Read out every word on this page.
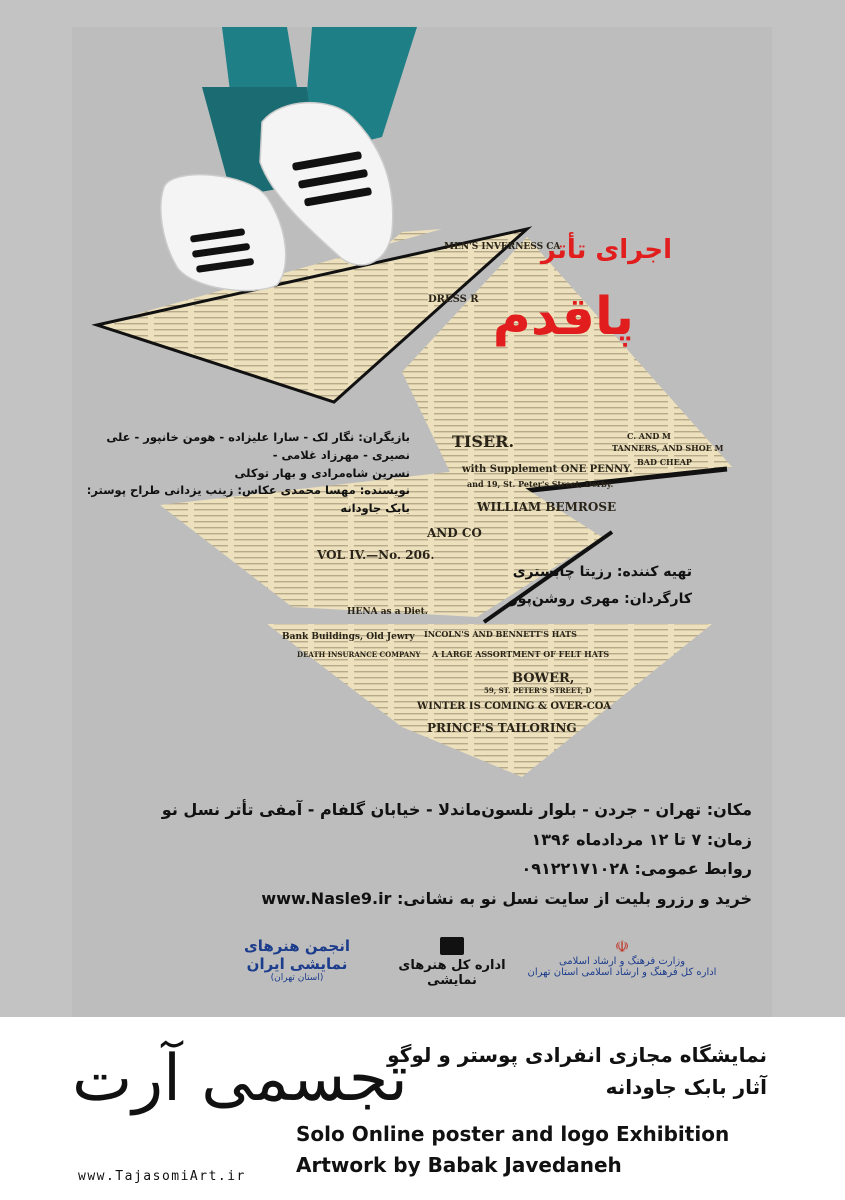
MEN'S INVERNESS CA
DRESS R
TISER.
with Supplement ONE PENNY.
and 19, St. Peter's Street, Derby.
C. AND M
TANNERS, AND SHOE M
BAD CHEAP
WILLIAM BEMROSE
AND CO
VOL IV.—No. 206.
HENA as a Diet.
Bank Buildings, Old Jewry
DEATH INSURANCE COMPANY
INCOLN'S AND BENNETT'S HATS
A LARGE ASSORTMENT OF FELT HATS
BOWER,
59, ST. PETER'S STREET, D
WINTER IS COMING & OVER-COA
PRINCE'S TAILORING
اجرای تأتر
پاقدم
بازیگران: نگار لک - سارا علیزاده - هومن خانپور - علی نصیری - مهرزاد غلامی -
نسرین شاه‌مرادی و بهار توکلی
نویسنده: مهسا محمدی عکاس: زینب یزدانی طراح پوستر: بابک جاودانه
تهیه کننده: رزیتا چابستری
کارگردان: مهری روشن‌پور
مکان: تهران - جردن - بلوار نلسون‌ماندلا - خیابان گلفام - آمفی تأتر نسل نو
زمان: ۷ تا ۱۲ مردادماه ۱۳۹۶
روابط عمومی: ۰۹۱۲۲۱۷۱۰۲۸
خرید و رزرو بلیت از سایت نسل نو به نشانی: www.Nasle9.ir
انجمن هنرهای نمایشی ایران
(استان تهران)
اداره کل هنرهای نمایشی
☫
وزارت فرهنگ و ارشاد اسلامی
اداره کل فرهنگ و ارشاد اسلامی استان تهران
نمایشگاه مجازی انفرادی پوستر و لوگو
آثار بابک جاودانه
Solo Online poster and logo Exhibition
Artwork by Babak Javedaneh
تجسمی آرت
www.TajasomiArt.ir
